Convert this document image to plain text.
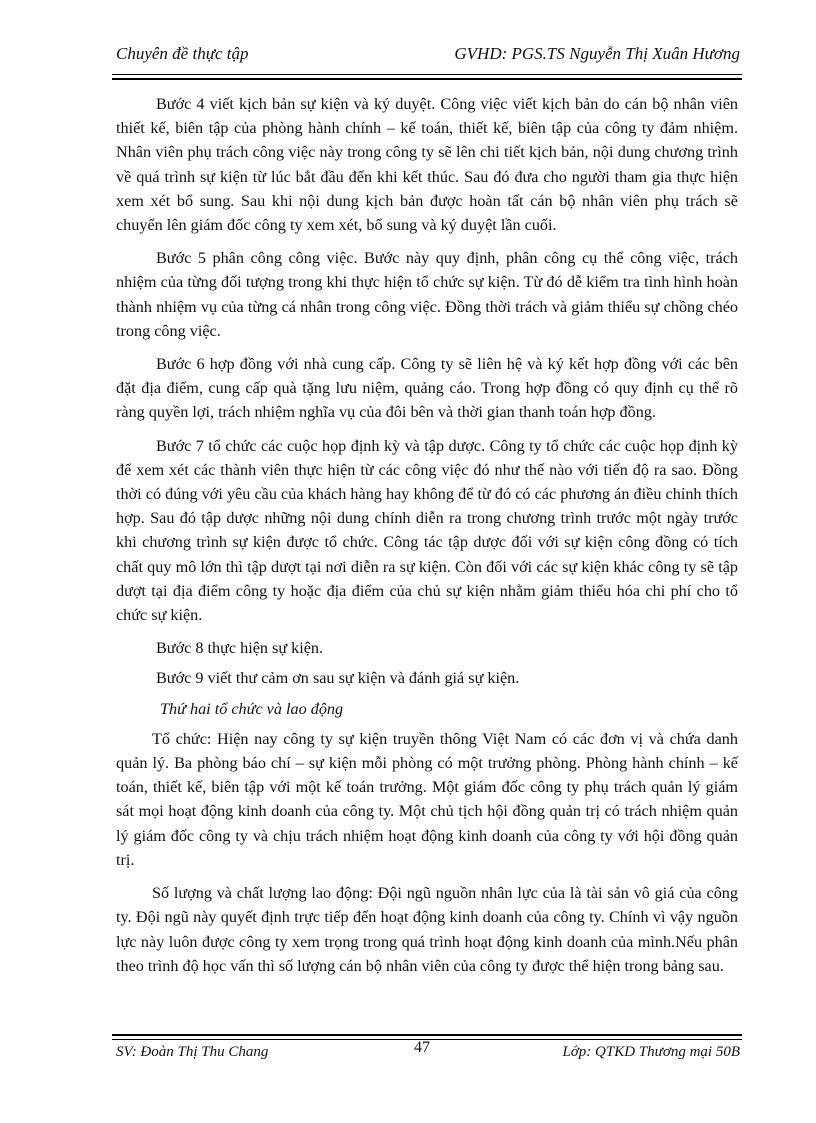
Chuyên đề thực tập	GVHD: PGS.TS Nguyễn Thị Xuân Hương

Bước 4 viết kịch bản sự kiện và ký duyệt. Công việc viết kịch bản do cán bộ nhân viên thiết kế, biên tập của phòng hành chính – kế toán, thiết kế, biên tập của công ty đảm nhiệm. Nhân viên phụ trách công việc này trong công ty sẽ lên chi tiết kịch bản, nội dung chương trình về quá trình sự kiện từ lúc bắt đầu đến khi kết thúc. Sau đó đưa cho người tham gia thực hiện xem xét bổ sung. Sau khi nội dung kịch bản được hoàn tất cán bộ nhân viên phụ trách sẽ chuyển lên giám đốc công ty xem xét, bổ sung và ký duyệt lần cuối.

Bước 5 phân công công việc. Bước này quy định, phân công cụ thể công việc, trách nhiệm của từng đối tượng trong khi thực hiện tổ chức sự kiện. Từ đó dễ kiểm tra tình hình hoàn thành nhiệm vụ của từng cá nhân trong công việc. Đồng thời trách và giảm thiểu sự chồng chéo trong công việc.

Bước 6 hợp đồng với nhà cung cấp. Công ty sẽ liên hệ và ký kết hợp đồng với các bên đặt địa điểm, cung cấp quà tặng lưu niệm, quảng cáo. Trong hợp đồng có quy định cụ thể rõ ràng quyền lợi, trách nhiệm nghĩa vụ của đôi bên và thời gian thanh toán hợp đồng.

Bước 7 tổ chức các cuộc họp định kỳ và tập dược. Công ty tổ chức các cuộc họp định kỳ để xem xét các thành viên thực hiện từ các công việc đó như thế nào với tiến độ ra sao. Đồng thời có đúng với yêu cầu của khách hàng hay không để từ đó có các phương án điều chỉnh thích hợp. Sau đó tập dược những nội dung chính diễn ra trong chương trình trước một ngày trước khi chương trình sự kiện được tổ chức. Công tác tập dược đối với sự kiện công đồng có tích chất quy mô lớn thì tập dượt tại nơi diễn ra sự kiện. Còn đối với các sự kiện khác công ty sẽ tập dượt tại địa điểm công ty hoặc địa điểm của chủ sự kiện nhằm giảm thiểu hóa chi phí cho tổ chức sự kiện.

Bước 8 thực hiện sự kiện.

Bước 9 viết thư cảm ơn sau sự kiện và đánh giá sự kiện.

Thứ hai tổ chức và lao động

Tổ chức: Hiện nay công ty sự kiện truyền thông Việt Nam có các đơn vị và chứa danh quản lý. Ba phòng báo chí – sự kiện mỗi phòng có một trưởng phòng. Phòng hành chính – kế toán, thiết kế, biên tập với một kế toán trưởng. Một giám đốc công ty phụ trách quản lý giám sát mọi hoạt động kinh doanh của công ty. Một chủ tịch hội đồng quản trị có trách nhiệm quản lý giám đốc công ty và chịu trách nhiệm hoạt động kinh doanh của công ty với hội đồng quản trị.

Số lượng và chất lượng lao động: Đội ngũ nguồn nhân lực của là tài sản vô giá của công ty. Đội ngũ này quyết định trực tiếp đến hoạt động kinh doanh của công ty. Chính vì vậy nguồn lực này luôn được công ty xem trọng trong quá trình hoạt động kinh doanh của mình.Nếu phân theo trình độ học vấn thì số lượng cán bộ nhân viên của công ty được thể hiện trong bảng sau.

SV: Đoàn Thị Thu Chang	47	Lớp: QTKD Thương mại 50B
